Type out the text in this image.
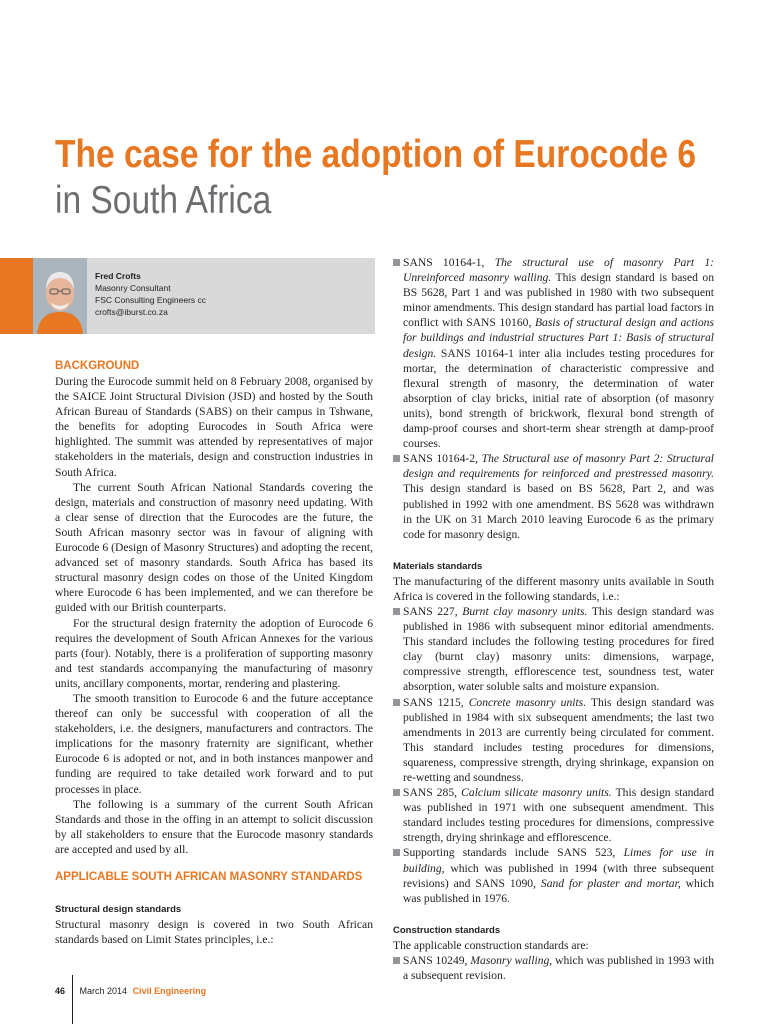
The case for the adoption of Eurocode 6
in South Africa
Fred Crofts
Masonry Consultant
FSC Consulting Engineers cc
crofts@iburst.co.za

BACKGROUND

During the Eurocode summit held on 8 February 2008, organised by the SAICE Joint Structural Division (JSD) and hosted by the South African Bureau of Standards (SABS) on their campus in Tshwane, the benefits for adopting Eurocodes in South Africa were highlighted. The summit was attended by representatives of major stakeholders in the materials, design and construction industries in South Africa.

The current South African National Standards covering the design, materials and construction of masonry need updating. With a clear sense of direction that the Eurocodes are the future, the South African masonry sector was in favour of aligning with Eurocode 6 (Design of Masonry Structures) and adopting the recent, advanced set of masonry standards. South Africa has based its structural masonry design codes on those of the United Kingdom where Eurocode 6 has been implemented, and we can therefore be guided with our British counterparts.

For the structural design fraternity the adoption of Eurocode 6 requires the development of South African Annexes for the various parts (four). Notably, there is a proliferation of supporting masonry and test standards accompanying the manufacturing of masonry units, ancillary components, mortar, rendering and plastering.

The smooth transition to Eurocode 6 and the future acceptance thereof can only be successful with cooperation of all the stakeholders, i.e. the designers, manufacturers and contractors. The implications for the masonry fraternity are significant, whether Eurocode 6 is adopted or not, and in both instances manpower and funding are required to take detailed work forward and to put processes in place.

The following is a summary of the current South African Standards and those in the offing in an attempt to solicit discussion by all stakeholders to ensure that the Eurocode masonry standards are accepted and used by all.

APPLICABLE SOUTH AFRICAN MASONRY STANDARDS

Structural design standards

Structural masonry design is covered in two South African standards based on Limit States principles, i.e.:

SANS 10164-1, The structural use of masonry Part 1: Unreinforced masonry walling. This design standard is based on BS 5628, Part 1 and was published in 1980 with two subsequent minor amendments. This design standard has partial load factors in conflict with SANS 10160, Basis of structural design and actions for buildings and industrial structures Part 1: Basis of structural design. SANS 10164-1 inter alia includes testing procedures for mortar, the determination of characteristic compressive and flexural strength of masonry, the determination of water absorption of clay bricks, initial rate of absorption (of masonry units), bond strength of brickwork, flexural bond strength of damp-proof courses and short-term shear strength at damp-proof courses.

SANS 10164-2, The Structural use of masonry Part 2: Structural design and requirements for reinforced and prestressed masonry. This design standard is based on BS 5628, Part 2, and was published in 1992 with one amendment. BS 5628 was withdrawn in the UK on 31 March 2010 leaving Eurocode 6 as the primary code for masonry design.

Materials standards

The manufacturing of the different masonry units available in South Africa is covered in the following standards, i.e.:

SANS 227, Burnt clay masonry units. This design standard was published in 1986 with subsequent minor editorial amendments. This standard includes the following testing procedures for fired clay (burnt clay) masonry units: dimensions, warpage, compressive strength, efflorescence test, soundness test, water absorption, water soluble salts and moisture expansion.

SANS 1215, Concrete masonry units. This design standard was published in 1984 with six subsequent amendments; the last two amendments in 2013 are currently being circulated for comment. This standard includes testing procedures for dimensions, squareness, compressive strength, drying shrinkage, expansion on re-wetting and soundness.

SANS 285, Calcium silicate masonry units. This design standard was published in 1971 with one subsequent amendment. This standard includes testing procedures for dimensions, compressive strength, drying shrinkage and efflorescence.

Supporting standards include SANS 523, Limes for use in building, which was published in 1994 (with three subsequent revisions) and SANS 1090, Sand for plaster and mortar, which was published in 1976.

Construction standards

The applicable construction standards are:

SANS 10249, Masonry walling, which was published in 1993 with a subsequent revision.

46 March 2014 Civil Engineering
